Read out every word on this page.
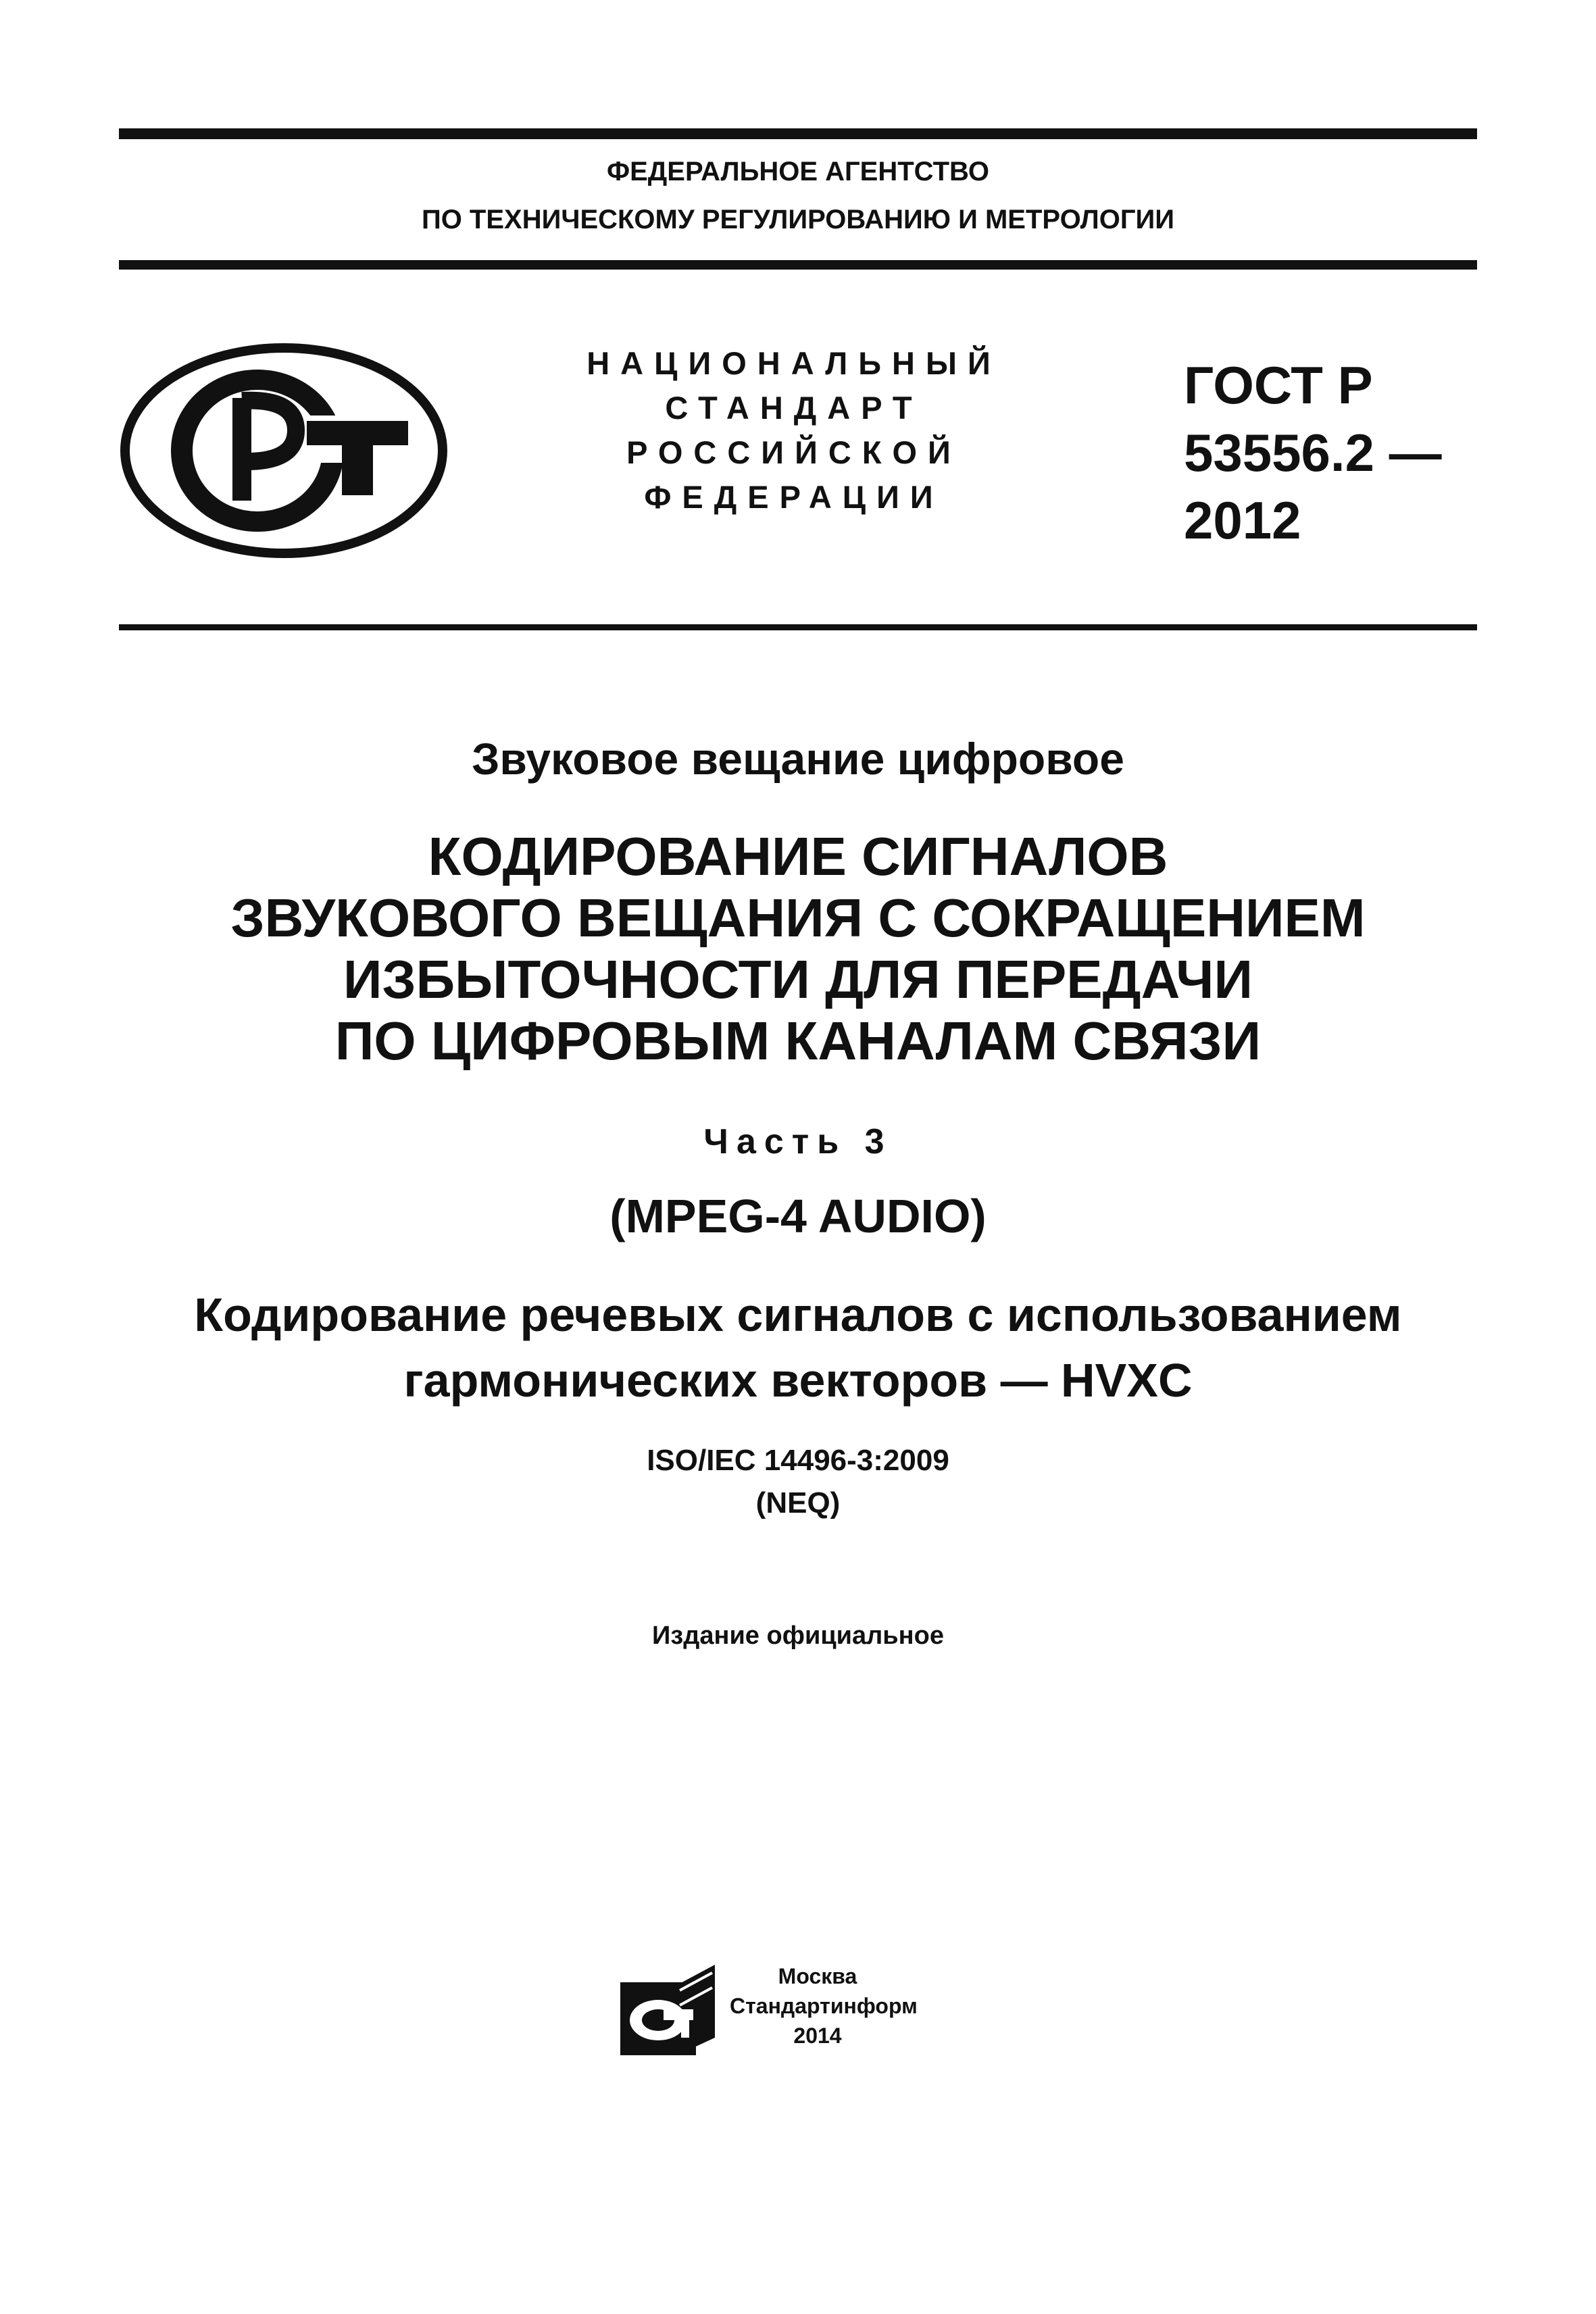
ФЕДЕРАЛЬНОЕ АГЕНТСТВО
ПО ТЕХНИЧЕСКОМУ РЕГУЛИРОВАНИЮ И МЕТРОЛОГИИ
РСТ
НАЦИОНАЛЬНЫЙ
СТАНДАРТ
РОССИЙСКОЙ
ФЕДЕРАЦИИ
ГОСТ Р
53556.2 —
2012
Звуковое вещание цифровое
КОДИРОВАНИЕ СИГНАЛОВ
ЗВУКОВОГО ВЕЩАНИЯ С СОКРАЩЕНИЕМ
ИЗБЫТОЧНОСТИ ДЛЯ ПЕРЕДАЧИ
ПО ЦИФРОВЫМ КАНАЛАМ СВЯЗИ
Часть 3
(MPEG-4 AUDIO)
Кодирование речевых сигналов с использованием
гармонических векторов — HVXC
ISO/IEC 14496-3:2009
(NEQ)
Издание официальное
СИ	Москва
Стандартинформ
2014
